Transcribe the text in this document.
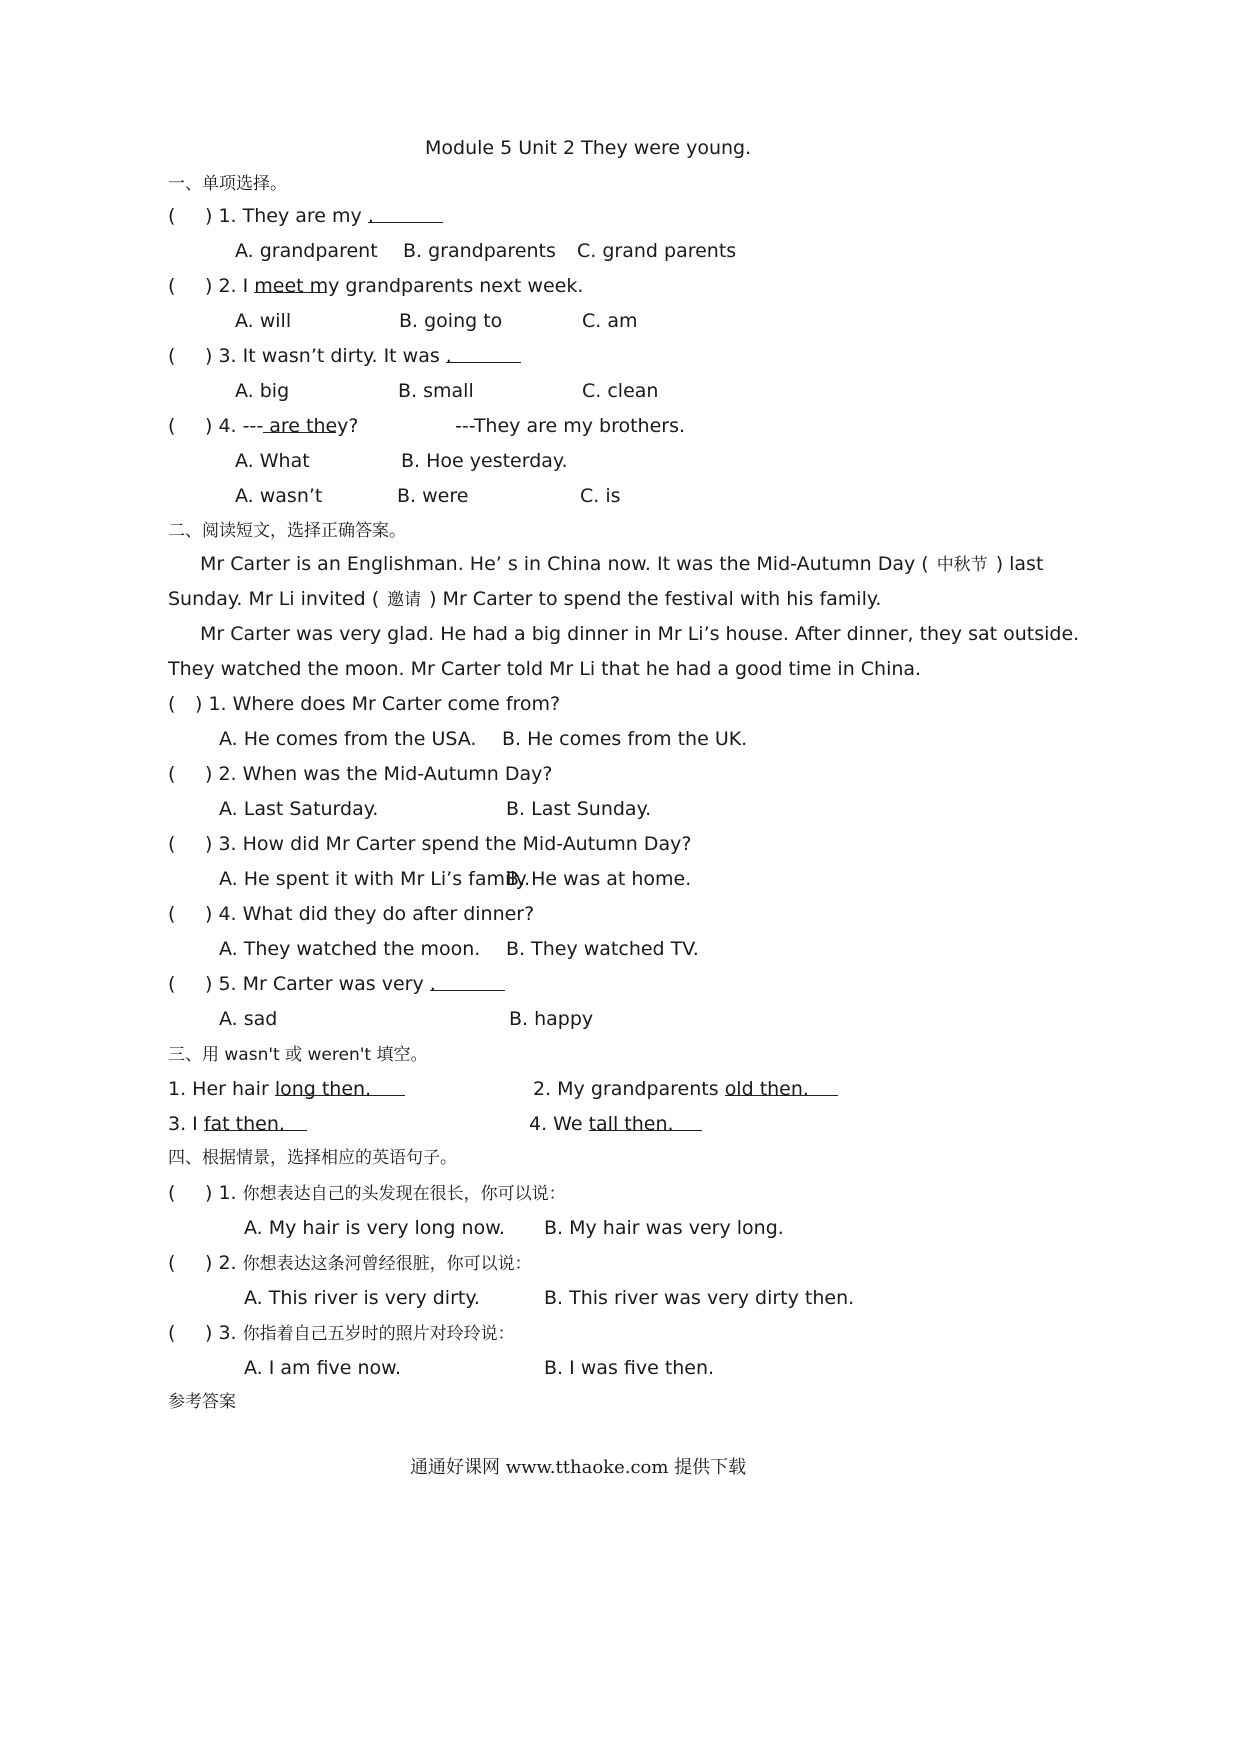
Module 5 Unit 2 They were young.
一、单项选择。
( ) 1. They are my
.
A. grandparent B. grandparents C. grand parents
( ) 2. I
meet my grandparents next week.
A. will	B. going to	C. am
( ) 3. It wasn’t dirty. It was
.
A. big	B. small	C. clean
( ) 4. ---
are they?	---They are my brothers.
A. What	B. Hoe yesterday.
A. wasn’t	B. were	C. is
二、阅读短文，选择正确答案。
Mr Carter is an Englishman. He’ s in China now. It was the Mid-Autumn Day ( 中秋节 ) last
Sunday. Mr Li invited ( 邀请 ) Mr Carter to spend the festival with his family.
Mr Carter was very glad. He had a big dinner in Mr Li’s house. After dinner, they sat outside.
They watched the moon. Mr Carter told Mr Li that he had a good time in China.
( ) 1. Where does Mr Carter come from?
A. He comes from the USA. B. He comes from the UK.
( ) 2. When was the Mid-Autumn Day?
A. Last Saturday.	B. Last Sunday.
( ) 3. How did Mr Carter spend the Mid-Autumn Day?
A. He spent it with Mr Li’s family.
B. He was at home.
( ) 4. What did they do after dinner?
A. They watched the moon. B. They watched TV.
( ) 5. Mr Carter was very
.
A. sad	B. happy
三、用 wasn't 或 weren't 填空。
1. Her hair
long then.	2. My grandparents
old then.
3. I
fat then.	4. We
tall then.
四、根据情景，选择相应的英语句子。
( ) 1. 你想表达自己的头发现在很长，你可以说：
A. My hair is very long now. B. My hair was very long.
( ) 2. 你想表达这条河曾经很脏，你可以说：
A. This river is very dirty.	B. This river was very dirty then.
( ) 3. 你指着自己五岁时的照片对玲玲说：
A. I am five now.	B. I was five then.
参考答案
通通好课网 www.tthaoke.com 提供下载
